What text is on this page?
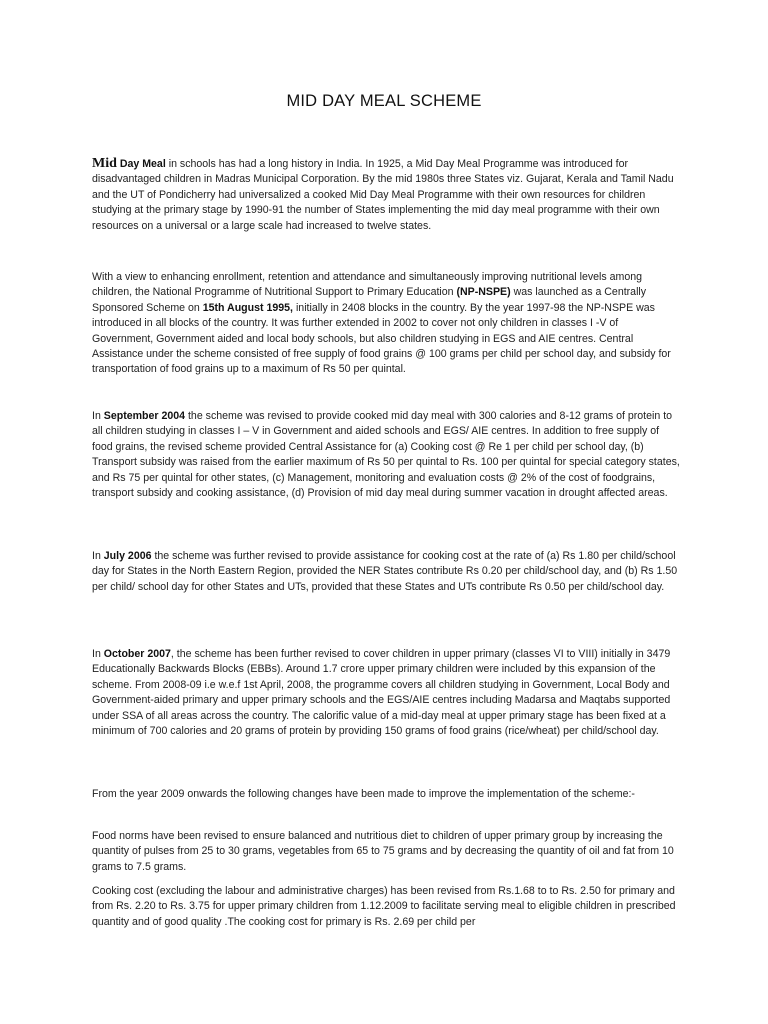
MID DAY MEAL SCHEME

Mid Day Meal in schools has had a long history in India. In 1925, a Mid Day Meal Programme was introduced for disadvantaged children in Madras Municipal Corporation. By the mid 1980s three States viz. Gujarat, Kerala and Tamil Nadu and the UT of Pondicherry had universalized a cooked Mid Day Meal Programme with their own resources for children studying at the primary stage by 1990-91 the number of States implementing the mid day meal programme with their own resources on a universal or a large scale had increased to twelve states.

With a view to enhancing enrollment, retention and attendance and simultaneously improving nutritional levels among children, the National Programme of Nutritional Support to Primary Education (NP-NSPE) was launched as a Centrally Sponsored Scheme on 15th August 1995, initially in 2408 blocks in the country. By the year 1997-98 the NP-NSPE was introduced in all blocks of the country. It was further extended in 2002 to cover not only children in classes I -V of Government, Government aided and local body schools, but also children studying in EGS and AIE centres. Central Assistance under the scheme consisted of free supply of food grains @ 100 grams per child per school day, and subsidy for transportation of food grains up to a maximum of Rs 50 per quintal.

In September 2004 the scheme was revised to provide cooked mid day meal with 300 calories and 8-12 grams of protein to all children studying in classes I – V in Government and aided schools and EGS/ AIE centres. In addition to free supply of food grains, the revised scheme provided Central Assistance for (a) Cooking cost @ Re 1 per child per school day, (b) Transport subsidy was raised from the earlier maximum of Rs 50 per quintal to Rs. 100 per quintal for special category states, and Rs 75 per quintal for other states, (c) Management, monitoring and evaluation costs @ 2% of the cost of foodgrains, transport subsidy and cooking assistance, (d) Provision of mid day meal during summer vacation in drought affected areas.

In July 2006 the scheme was further revised to provide assistance for cooking cost at the rate of (a) Rs 1.80 per child/school day for States in the North Eastern Region, provided the NER States contribute Rs 0.20 per child/school day, and (b) Rs 1.50 per child/ school day for other States and UTs, provided that these States and UTs contribute Rs 0.50 per child/school day.

In October 2007, the scheme has been further revised to cover children in upper primary (classes VI to VIII) initially in 3479 Educationally Backwards Blocks (EBBs). Around 1.7 crore upper primary children were included by this expansion of the scheme. From 2008-09 i.e w.e.f 1st April, 2008, the programme covers all children studying in Government, Local Body and Government-aided primary and upper primary schools and the EGS/AIE centres including Madarsa and Maqtabs supported under SSA of all areas across the country. The calorific value of a mid-day meal at upper primary stage has been fixed at a minimum of 700 calories and 20 grams of protein by providing 150 grams of food grains (rice/wheat) per child/school day.

From the year 2009 onwards the following changes have been made to improve the implementation of the scheme:-

Food norms have been revised to ensure balanced and nutritious diet to children of upper primary group by increasing the quantity of pulses from 25 to 30 grams, vegetables from 65 to 75 grams and by decreasing the quantity of oil and fat from 10 grams to 7.5 grams.

Cooking cost (excluding the labour and administrative charges) has been revised from Rs.1.68 to to Rs. 2.50 for primary and from Rs. 2.20 to Rs. 3.75 for upper primary children from 1.12.2009 to facilitate serving meal to eligible children in prescribed quantity and of good quality .The cooking cost for primary is Rs. 2.69 per child per
